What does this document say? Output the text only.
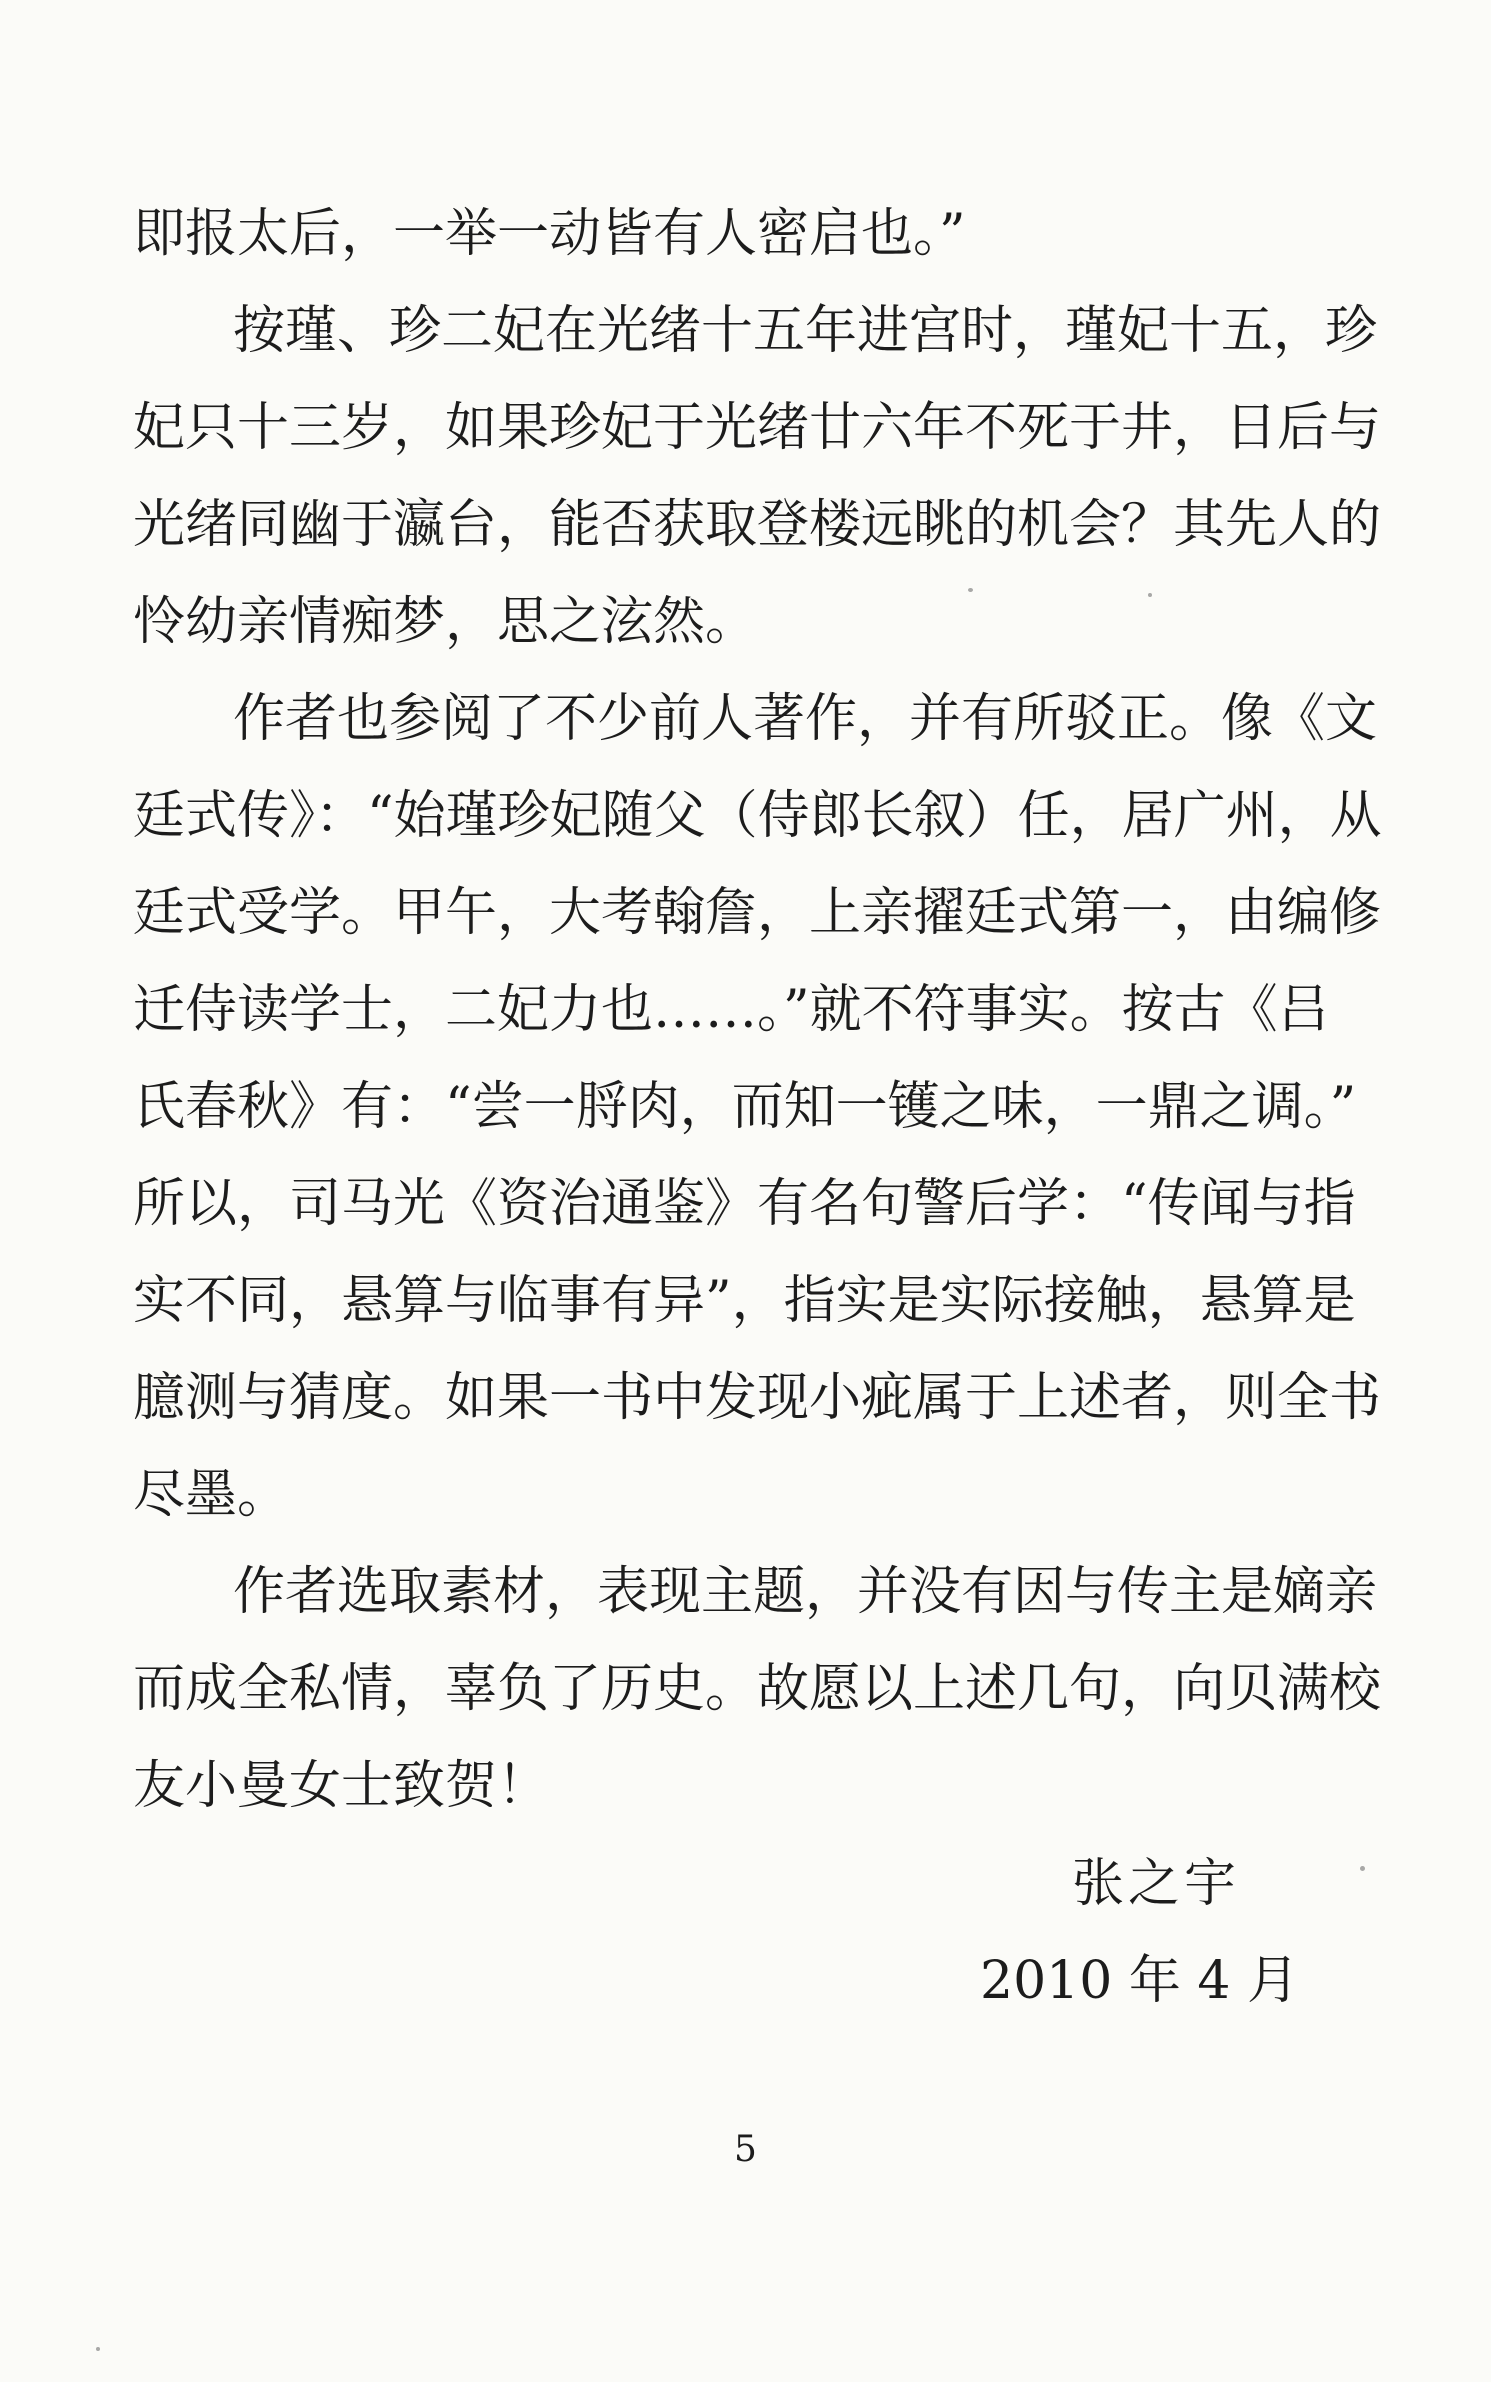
即报太后，一举一动皆有人密启也。”
按瑾、珍二妃在光绪十五年进宫时，瑾妃十五，珍
妃只十三岁，如果珍妃于光绪廿六年不死于井，日后与
光绪同幽于瀛台，能否获取登楼远眺的机会？其先人的
怜幼亲情痴梦，思之泫然。
作者也参阅了不少前人著作，并有所驳正。像《文
廷式传》：“始瑾珍妃随父（侍郎长叙）任，居广州，从
廷式受学。甲午，大考翰詹，上亲擢廷式第一，由编修
迁侍读学士，二妃力也……。”就不符事实。按古《吕
氏春秋》有：“尝一脟肉，而知一镬之味，一鼎之调。”
所以，司马光《资治通鉴》有名句警后学：“传闻与指
实不同，悬算与临事有异”，指实是实际接触，悬算是
臆测与猜度。如果一书中发现小疵属于上述者，则全书
尽墨。
作者选取素材，表现主题，并没有因与传主是嫡亲
而成全私情，辜负了历史。故愿以上述几句，向贝满校
友小曼女士致贺！
张之宇
2010 年 4 月
5
